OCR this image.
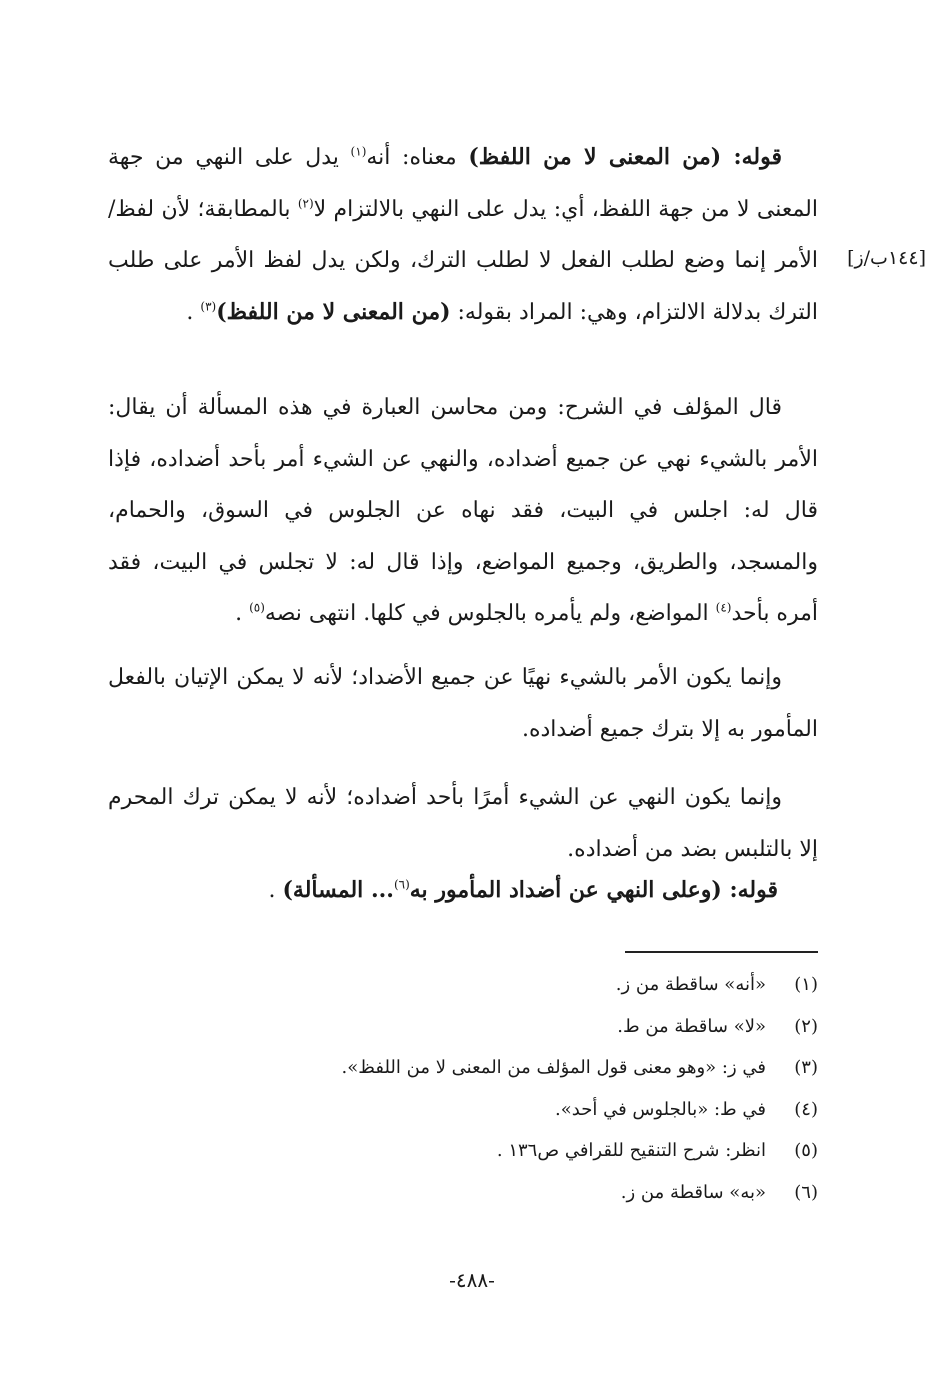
[١٤٤ب/ز]
قوله: (من المعنى لا من اللفظ) معناه: أنه$^{(١)}$ يدل على النهي من جهة المعنى لا من جهة اللفظ، أي: يدل على النهي بالالتزام لا$^{(٢)}$ بالمطابقة؛ لأن لفظ/ الأمر إنما وضع لطلب الفعل لا لطلب الترك، ولكن يدل لفظ الأمر على طلب الترك بدلالة الالتزام، وهي: المراد بقوله: (من المعنى لا من اللفظ)$^{(٣)}$ .
قال المؤلف في الشرح: ومن محاسن العبارة في هذه المسألة أن يقال: الأمر بالشيء نهي عن جميع أضداده، والنهي عن الشيء أمر بأحد أضداده، فإذا قال له: اجلس في البيت، فقد نهاه عن الجلوس في السوق، والحمام، والمسجد، والطريق، وجميع المواضع، وإذا قال له: لا تجلس في البيت، فقد أمره بأحد$^{(٤)}$ المواضع، ولم يأمره بالجلوس في كلها. انتهى نصه$^{(٥)}$ .
وإنما يكون الأمر بالشيء نهيًا عن جميع الأضداد؛ لأنه لا يمكن الإتيان بالفعل المأمور به إلا بترك جميع أضداده.
وإنما يكون النهي عن الشيء أمرًا بأحد أضداده؛ لأنه لا يمكن ترك المحرم إلا بالتلبس بضد من أضداده.
قوله: (وعلى النهي عن أضداد المأمور به$^{(٦)}$... المسألة) .
(١)«أنه» ساقطة من ز.
(٢)«لا» ساقطة من ط.
(٣)في ز: «وهو معنى قول المؤلف من المعنى لا من اللفظ».
(٤)في ط: «بالجلوس في أحد».
(٥)انظر: شرح التنقيح للقرافي ص١٣٦ .
(٦)«به» ساقطة من ز.
-٤٨٨-
